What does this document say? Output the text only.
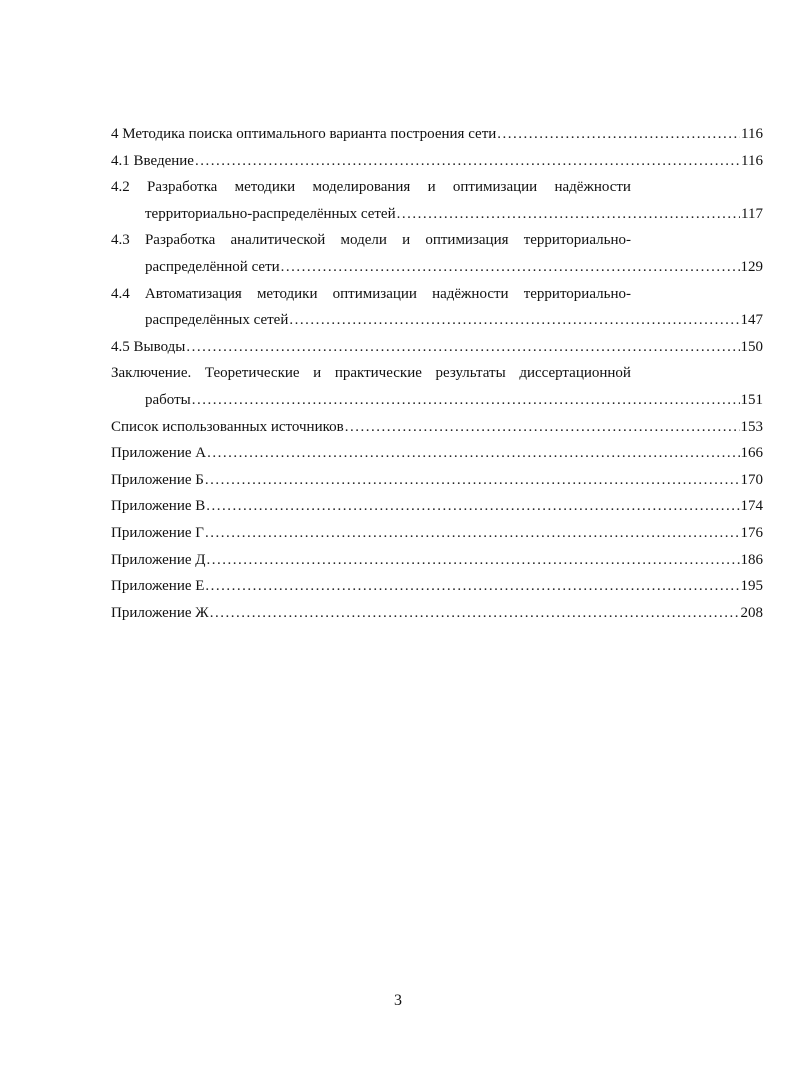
4 Методика поиска оптимального варианта построения сети .....	116
4.1 Введение .....	116
4.2 Разработка методики моделирования и оптимизации надёжности
территориально-распределённых сетей .....	117
4.3 Разработка аналитической модели и оптимизация территориально-
распределённой сети .....	129
4.4 Автоматизация методики оптимизации надёжности территориально-
распределённых сетей .....	147
4.5 Выводы .....	150
Заключение. Теоретические и практические результаты диссертационной
работы .....	151
Список использованных источников .....	153
Приложение А .....	166
Приложение Б .....	170
Приложение В .....	174
Приложение Г .....	176
Приложение Д .....	186
Приложение Е .....	195
Приложение Ж .....	208
3
